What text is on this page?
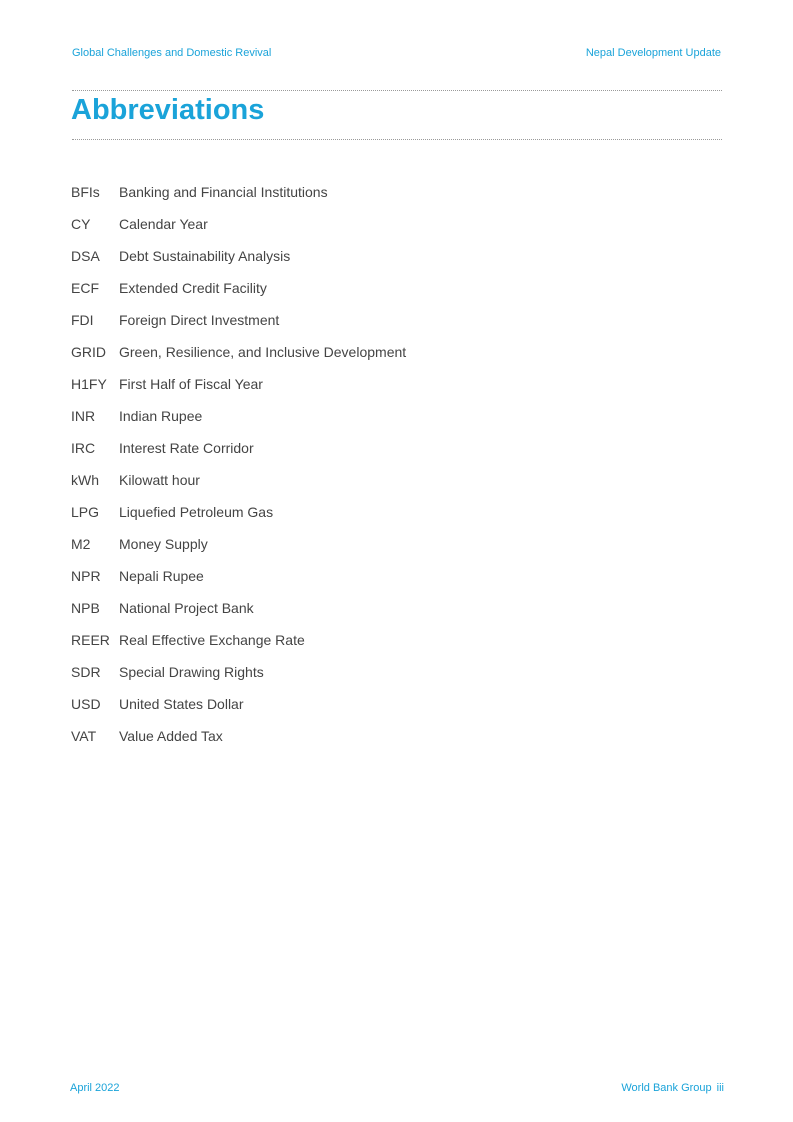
Global Challenges and Domestic Revival	Nepal Development Update
Abbreviations
BFIs Banking and Financial Institutions
CY Calendar Year
DSA Debt Sustainability Analysis
ECF Extended Credit Facility
FDI Foreign Direct Investment
GRID Green, Resilience, and Inclusive Development
H1FY First Half of Fiscal Year
INR Indian Rupee
IRC Interest Rate Corridor
kWh Kilowatt hour
LPG Liquefied Petroleum Gas
M2 Money Supply
NPR Nepali Rupee
NPB National Project Bank
REER Real Effective Exchange Rate
SDR Special Drawing Rights
USD United States Dollar
VAT Value Added Tax
April 2022	World Bank Group iii
